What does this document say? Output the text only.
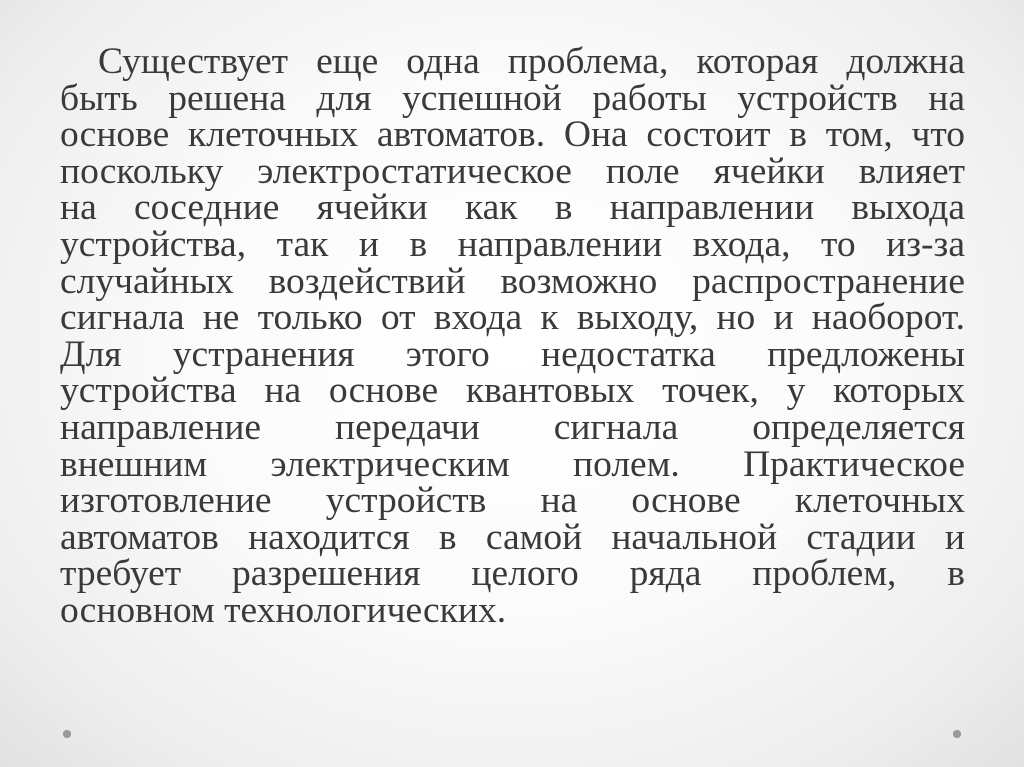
Существует еще одна проблема, которая должна
быть решена для успешной работы устройств на
основе клеточных автоматов. Она состоит в том, что
поскольку электростатическое поле ячейки влияет
на соседние ячейки как в направлении выхода
устройства, так и в направлении входа, то из-за
случайных воздействий возможно распространение
сигнала не только от входа к выходу, но и наоборот.
Для устранения этого недостатка предложены
устройства на основе квантовых точек, у которых
направление передачи сигнала определяется
внешним электрическим полем. Практическое
изготовление устройств на основе клеточных
автоматов находится в самой начальной стадии и
требует разрешения целого ряда проблем, в
основном технологических.
